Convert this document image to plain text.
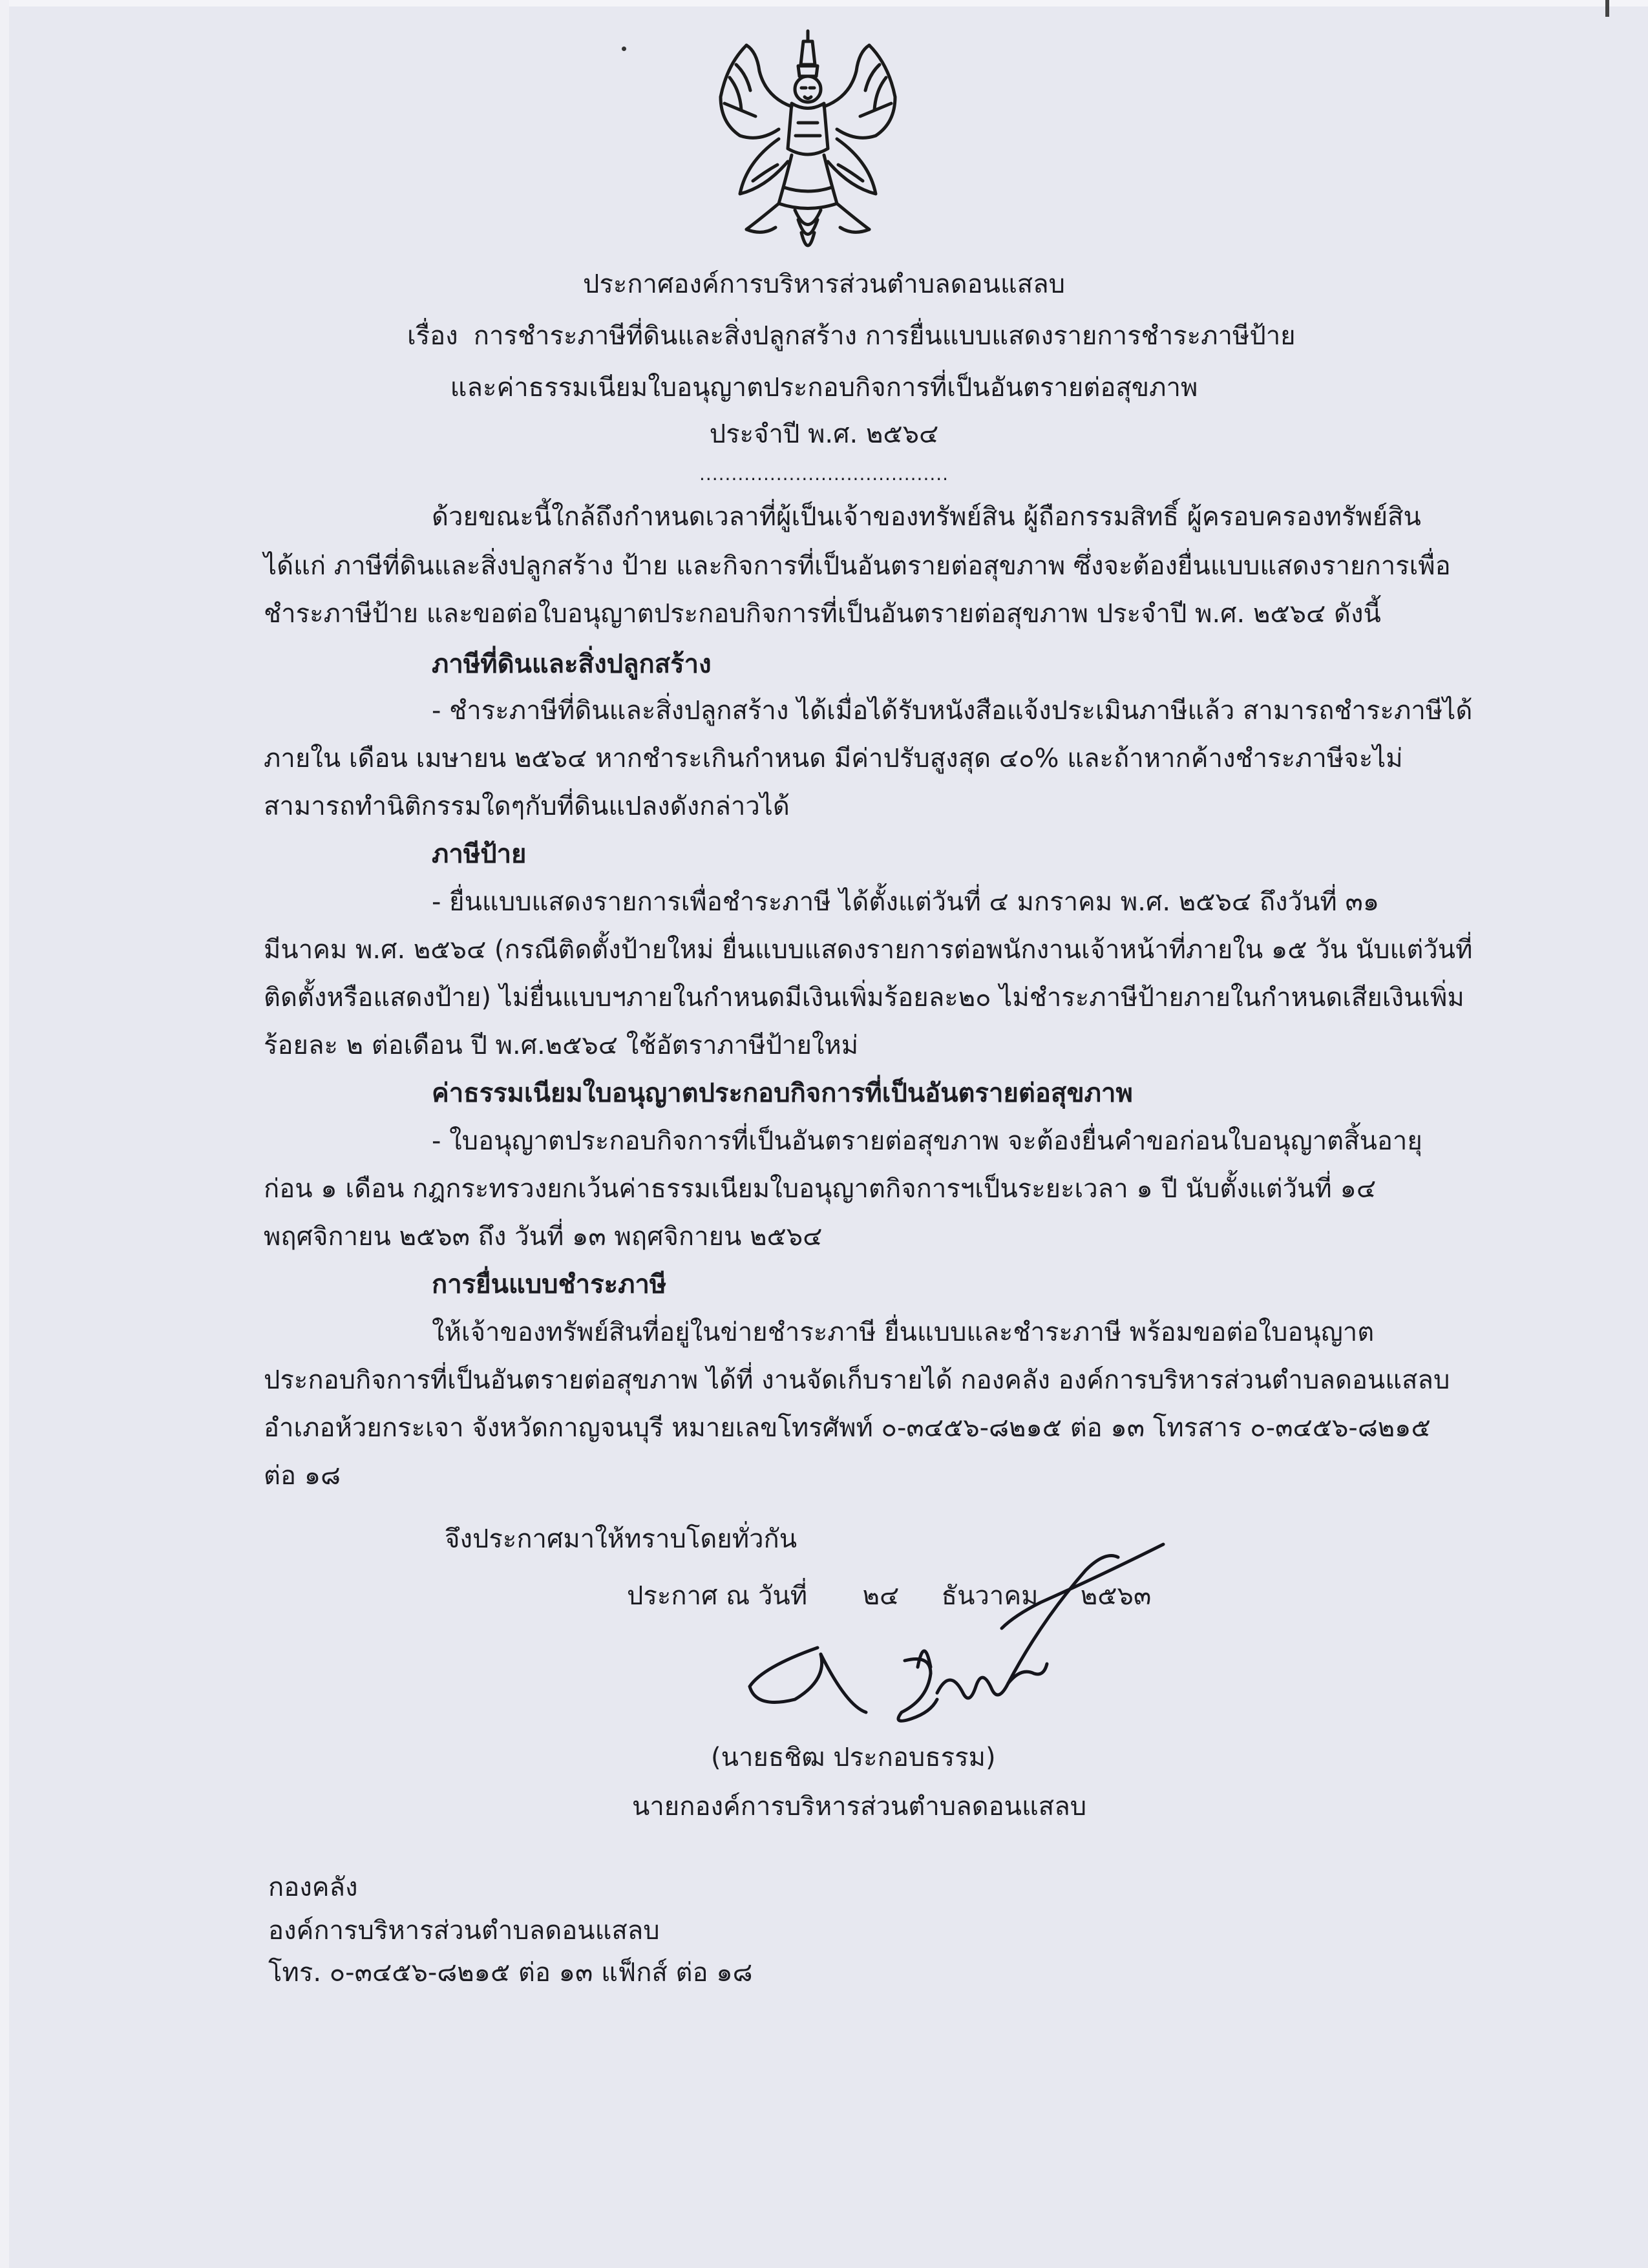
ประกาศองค์การบริหารส่วนตำบลดอนแสลบ
เรื่อง การชำระภาษีที่ดินและสิ่งปลูกสร้าง การยื่นแบบแสดงรายการชำระภาษีป้าย
และค่าธรรมเนียมใบอนุญาตประกอบกิจการที่เป็นอันตรายต่อสุขภาพ
ประจำปี พ.ศ. ๒๕๖๔
.......................................
ด้วยขณะนี้ใกล้ถึงกำหนดเวลาที่ผู้เป็นเจ้าของทรัพย์สิน ผู้ถือกรรมสิทธิ์ ผู้ครอบครองทรัพย์สิน
ได้แก่ ภาษีที่ดินและสิ่งปลูกสร้าง ป้าย และกิจการที่เป็นอันตรายต่อสุขภาพ ซึ่งจะต้องยื่นแบบแสดงรายการเพื่อ
ชำระภาษีป้าย และขอต่อใบอนุญาตประกอบกิจการที่เป็นอันตรายต่อสุขภาพ ประจำปี พ.ศ. ๒๕๖๔ ดังนี้
ภาษีที่ดินและสิ่งปลูกสร้าง
- ชำระภาษีที่ดินและสิ่งปลูกสร้าง ได้เมื่อได้รับหนังสือแจ้งประเมินภาษีแล้ว สามารถชำระภาษีได้
ภายใน เดือน เมษายน ๒๕๖๔ หากชำระเกินกำหนด มีค่าปรับสูงสุด ๔๐% และถ้าหากค้างชำระภาษีจะไม่
สามารถทำนิติกรรมใดๆกับที่ดินแปลงดังกล่าวได้
ภาษีป้าย
- ยื่นแบบแสดงรายการเพื่อชำระภาษี ได้ตั้งแต่วันที่ ๔ มกราคม พ.ศ. ๒๕๖๔ ถึงวันที่ ๓๑
มีนาคม พ.ศ. ๒๕๖๔ (กรณีติดตั้งป้ายใหม่ ยื่นแบบแสดงรายการต่อพนักงานเจ้าหน้าที่ภายใน ๑๕ วัน นับแต่วันที่
ติดตั้งหรือแสดงป้าย) ไม่ยื่นแบบฯภายในกำหนดมีเงินเพิ่มร้อยละ๒๐ ไม่ชำระภาษีป้ายภายในกำหนดเสียเงินเพิ่ม
ร้อยละ ๒ ต่อเดือน ปี พ.ศ.๒๕๖๔ ใช้อัตราภาษีป้ายใหม่
ค่าธรรมเนียมใบอนุญาตประกอบกิจการที่เป็นอันตรายต่อสุขภาพ
- ใบอนุญาตประกอบกิจการที่เป็นอันตรายต่อสุขภาพ จะต้องยื่นคำขอก่อนใบอนุญาตสิ้นอายุ
ก่อน ๑ เดือน กฎกระทรวงยกเว้นค่าธรรมเนียมใบอนุญาตกิจการฯเป็นระยะเวลา ๑ ปี นับตั้งแต่วันที่ ๑๔
พฤศจิกายน ๒๕๖๓ ถึง วันที่ ๑๓ พฤศจิกายน ๒๕๖๔
การยื่นแบบชำระภาษี
ให้เจ้าของทรัพย์สินที่อยู่ในข่ายชำระภาษี ยื่นแบบและชำระภาษี พร้อมขอต่อใบอนุญาต
ประกอบกิจการที่เป็นอันตรายต่อสุขภาพ ได้ที่ งานจัดเก็บรายได้ กองคลัง องค์การบริหารส่วนตำบลดอนแสลบ
อำเภอห้วยกระเจา จังหวัดกาญจนบุรี หมายเลขโทรศัพท์ ๐-๓๔๕๖-๘๒๑๕ ต่อ ๑๓ โทรสาร ๐-๓๔๕๖-๘๒๑๕
ต่อ ๑๘
จึงประกาศมาให้ทราบโดยทั่วกัน
ประกาศ ณ วันที่ ๒๔ ธันวาคม ๒๕๖๓
(นายธชิฒ ประกอบธรรม)
นายกองค์การบริหารส่วนตำบลดอนแสลบ
กองคลัง
องค์การบริหารส่วนตำบลดอนแสลบ
โทร. ๐-๓๔๕๖-๘๒๑๕ ต่อ ๑๓ แฟ็กส์ ต่อ ๑๘
